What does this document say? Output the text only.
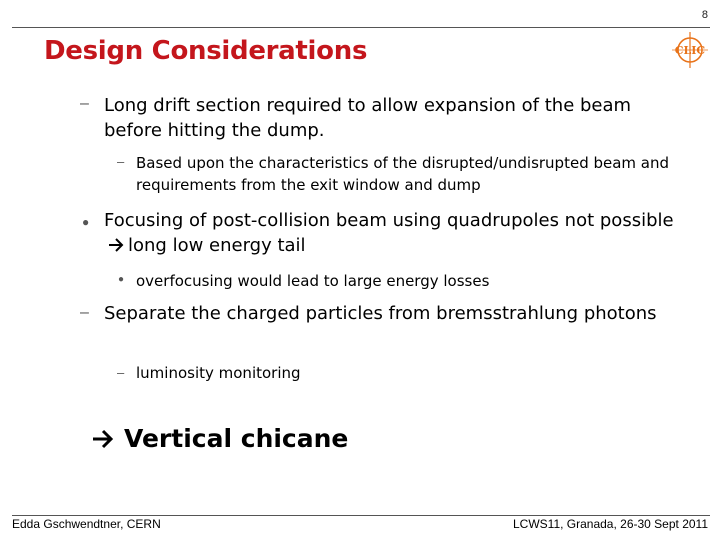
8
Design Considerations	CLIC
– Long drift section required to allow expansion of the beam before hitting the dump.
– Based upon the characteristics of the disrupted/undisrupted beam and requirements from the exit window and dump
● Focusing of post-collision beam using quadrupoles not possiblelong low energy tail
● overfocusing would lead to large energy losses
– Separate the charged particles from bremsstrahlung photons
– luminosity monitoring
Vertical chicane
Edda Gschwendtner, CERN	LCWS11, Granada, 26-30 Sept 2011
